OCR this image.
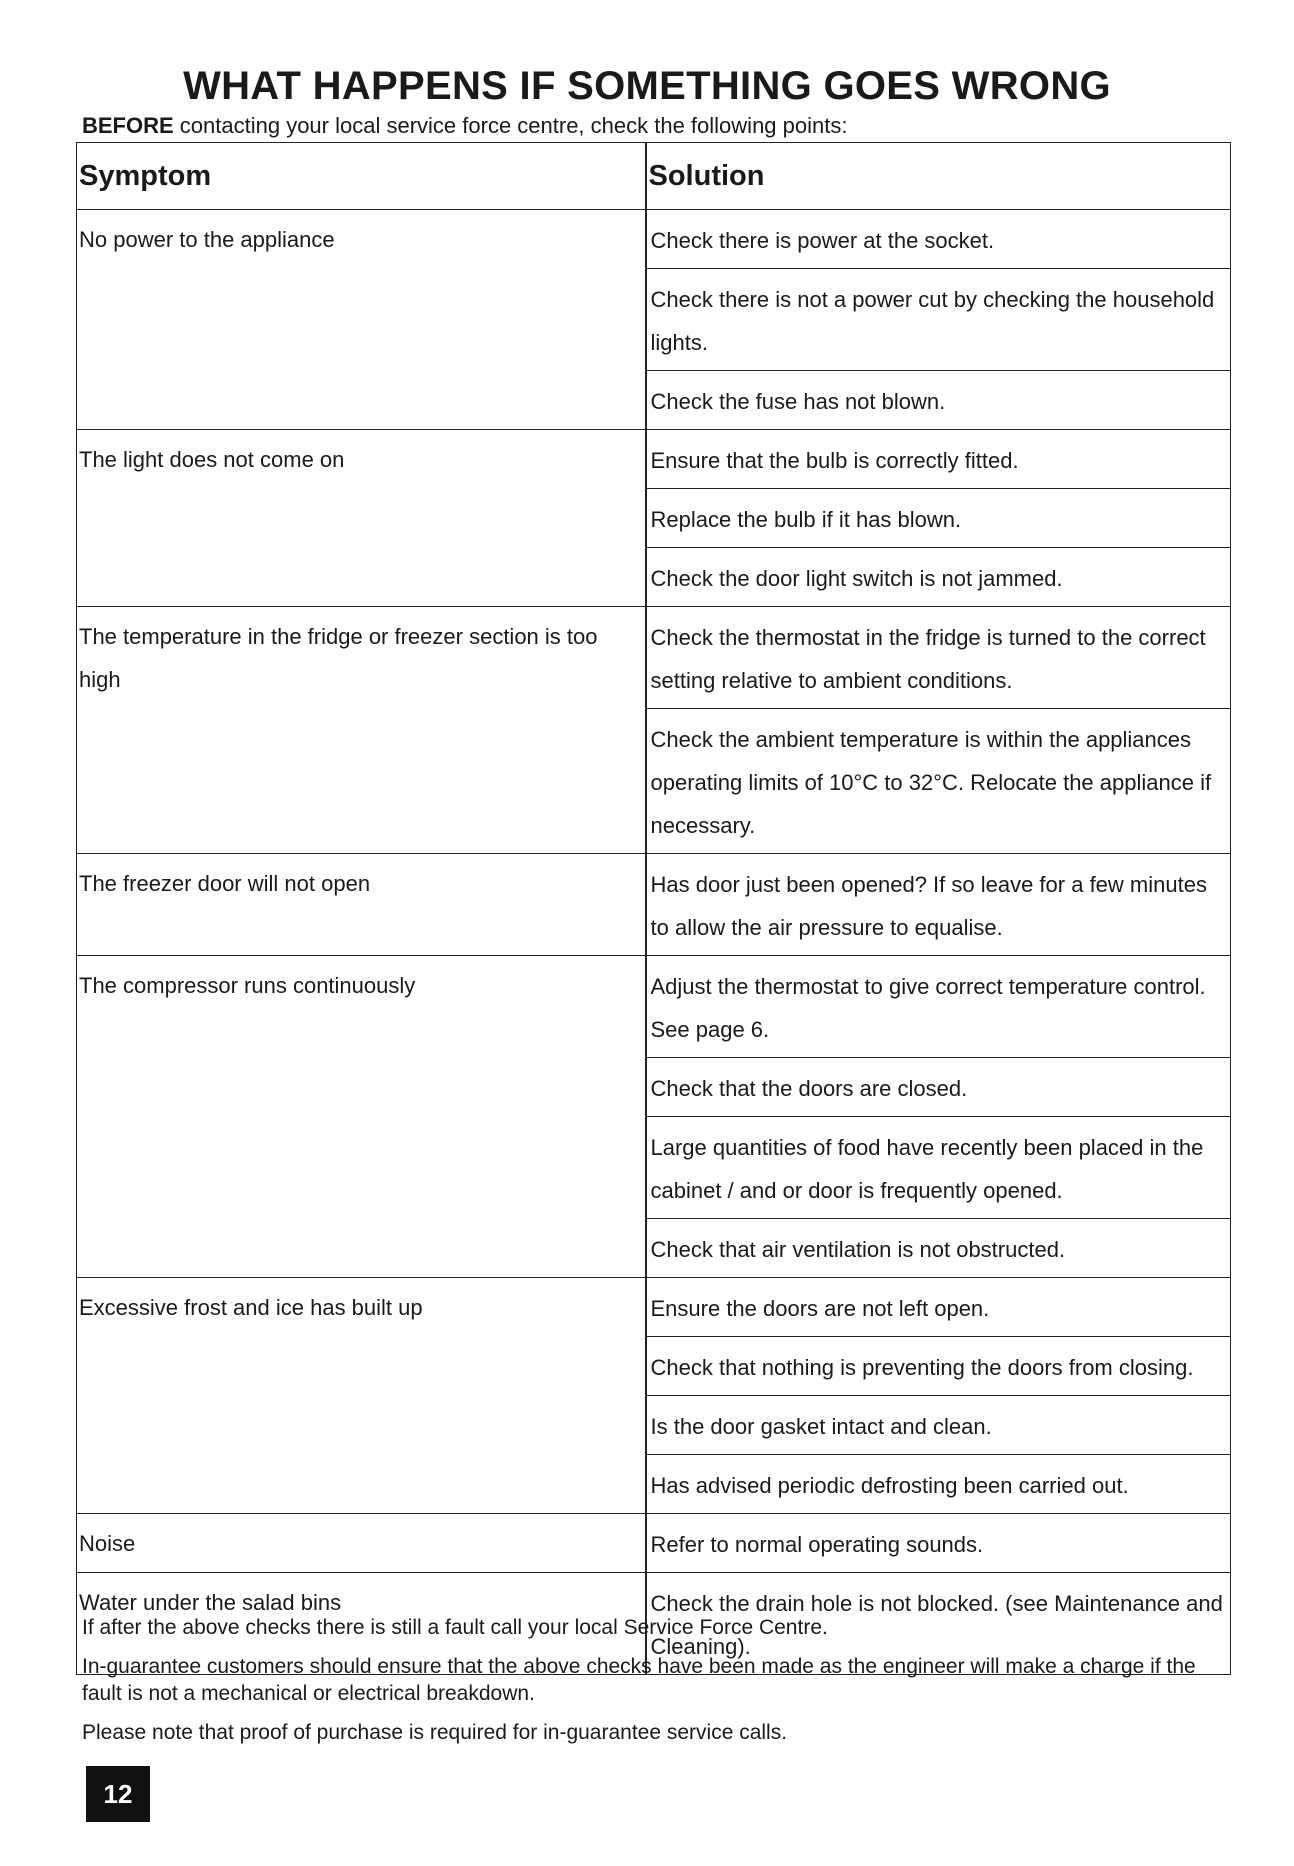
WHAT HAPPENS IF SOMETHING GOES WRONG
BEFORE contacting your local service force centre, check the following points:
Symptom	Solution

No power to the appliance	Check there is power at the socket.
Check there is not a power cut by checking the household lights.
Check the fuse has not blown.

The light does not come on	Ensure that the bulb is correctly fitted.
Replace the bulb if it has blown.
Check the door light switch is not jammed.

The temperature in the fridge or freezer section is too high	Check the thermostat in the fridge is turned to the correct setting relative to ambient conditions.
Check the ambient temperature is within the appliances operating limits of 10°C to 32°C. Relocate the appliance if necessary.

The freezer door will not open	Has door just been opened? If so leave for a few minutes to allow the air pressure to equalise.

The compressor runs continuously	Adjust the thermostat to give correct temperature control. See page 6.
Check that the doors are closed.
Large quantities of food have recently been placed in the cabinet / and or door is frequently opened.
Check that air ventilation is not obstructed.

Excessive frost and ice has built up	Ensure the doors are not left open.
Check that nothing is preventing the doors from closing.
Is the door gasket intact and clean.
Has advised periodic defrosting been carried out.

Noise	Refer to normal operating sounds.

Water under the salad bins	Check the drain hole is not blocked. (see Maintenance and Cleaning).

If after the above checks there is still a fault call your local Service Force Centre.

In-guarantee customers should ensure that the above checks have been made as the engineer will make a charge if the fault is not a mechanical or electrical breakdown.

Please note that proof of purchase is required for in-guarantee service calls.

12
